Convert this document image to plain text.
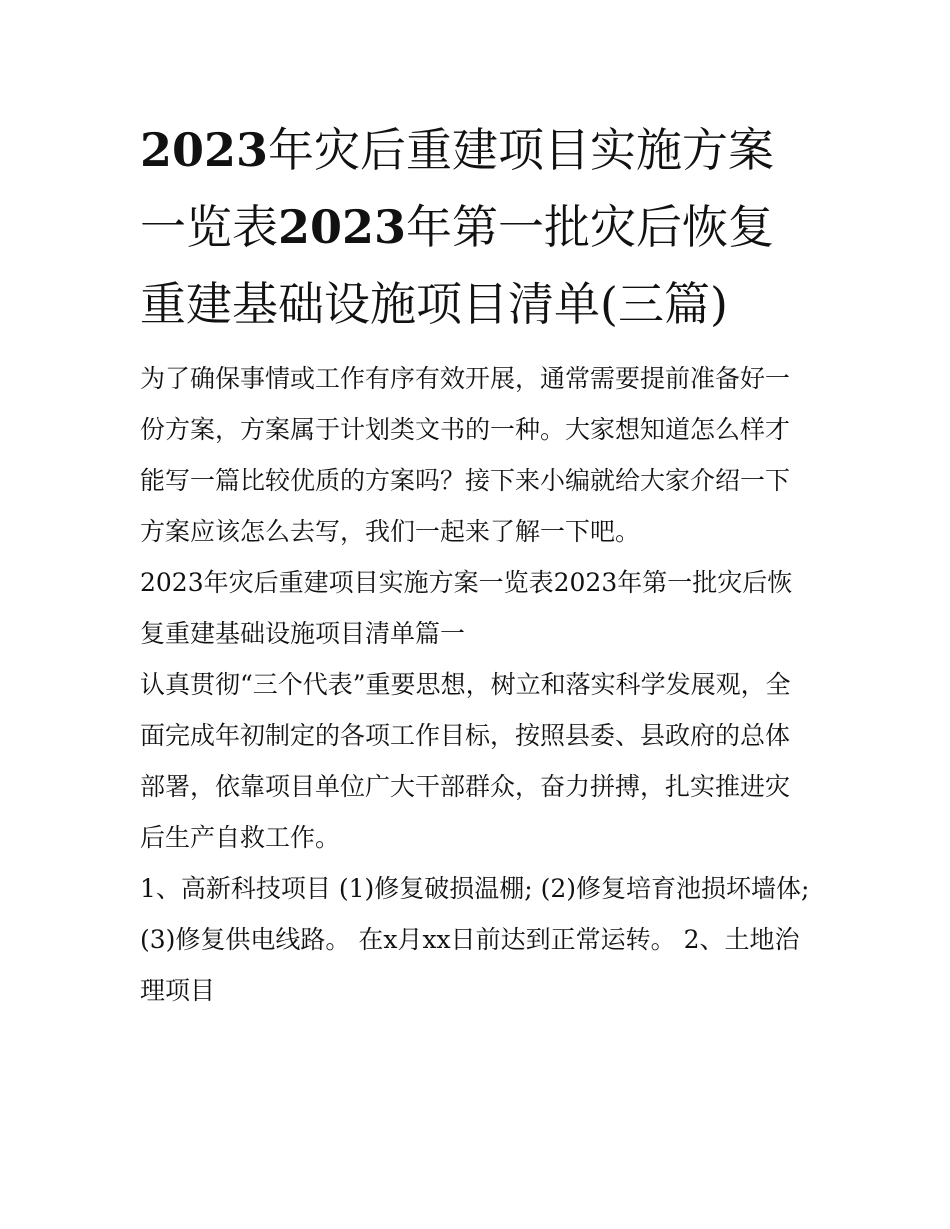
2023年灾后重建项目实施方案一览表2023年第一批灾后恢复重建基础设施项目清单(三篇)

为了确保事情或工作有序有效开展，通常需要提前准备好一份方案，方案属于计划类文书的一种。大家想知道怎么样才能写一篇比较优质的方案吗？接下来小编就给大家介绍一下方案应该怎么去写，我们一起来了解一下吧。

2023年灾后重建项目实施方案一览表2023年第一批灾后恢复重建基础设施项目清单篇一

认真贯彻“三个代表”重要思想，树立和落实科学发展观，全面完成年初制定的各项工作目标，按照县委、县政府的总体部署，依靠项目单位广大干部群众，奋力拼搏，扎实推进灾后生产自救工作。

1、高新科技项目 (1)修复破损温棚; (2)修复培育池损坏墙体; (3)修复供电线路。 在x月xx日前达到正常运转。 2、土地治理项目
